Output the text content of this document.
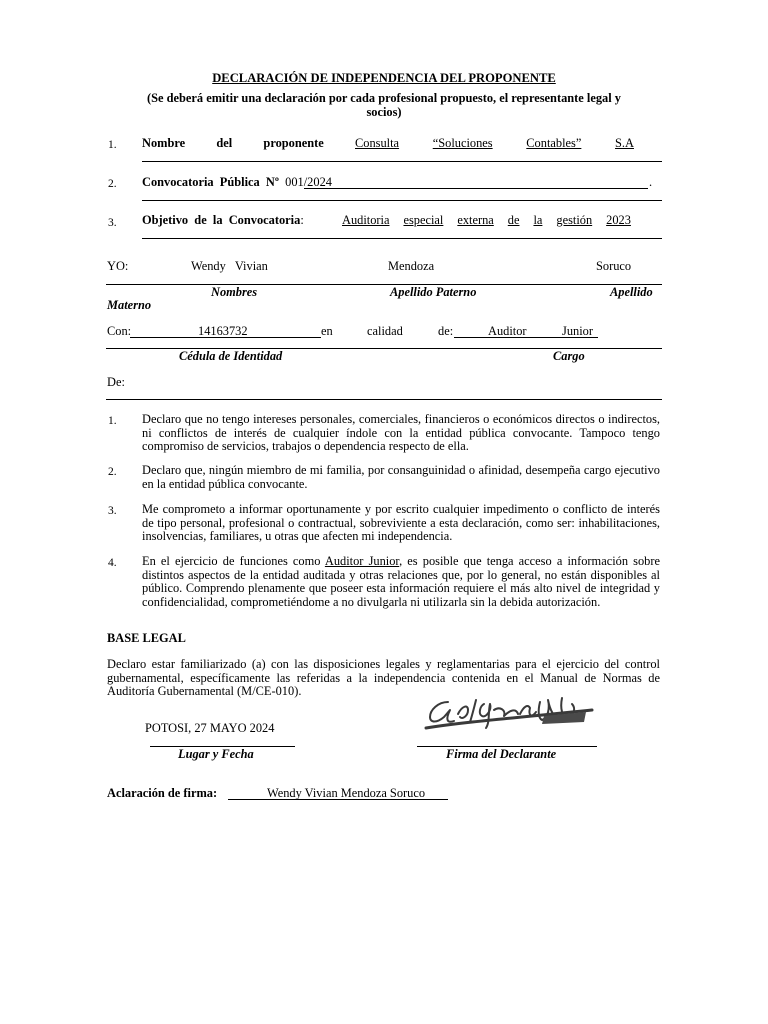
DECLARACIÓN DE INDEPENDENCIA DEL PROPONENTE
(Se deberá emitir una declaración por cada profesional propuesto, el representante legal y
socios)
1. Nombre	del	proponente	Consulta	“Soluciones	Contables”	S.A
2. Convocatoria  Pública  Nº 001/2024	.
3. Objetivo  de  la  Convocatoria:	Auditoria especial externa de la gestión 2023
YO:	Wendy   Vivian	Mendoza	Soruco
Nombres	Apellido Paterno	Apellido
Materno
Con:	14163732	en	calidad	de:	Auditor	Junior
Cédula de Identidad	Cargo
De:
1. Declaro que no tengo intereses personales, comerciales, financieros o económicos directos o indirectos, ni conflictos de interés de cualquier índole con la entidad pública convocante. Tampoco tengo compromiso de servicios, trabajos o dependencia respecto de ella.
2. Declaro que, ningún miembro de mi familia, por consanguinidad o afinidad, desempeña cargo ejecutivo en la entidad pública convocante.
3. Me comprometo a informar oportunamente y por escrito cualquier impedimento o conflicto de interés de tipo personal, profesional o contractual, sobreviviente a esta declaración, como ser: inhabilitaciones, insolvencias, familiares, u otras que afecten mi independencia.
4. En el ejercicio de funciones como Auditor Junior, es posible que tenga acceso a información sobre distintos aspectos de la entidad auditada y otras relaciones que, por lo general, no están disponibles al público. Comprendo plenamente que poseer esta información requiere el más alto nivel de integridad y confidencialidad, comprometiéndome a no divulgarla ni utilizarla sin la debida autorización.
BASE LEGAL
Declaro estar familiarizado (a) con las disposiciones legales y reglamentarias para el ejercicio del control gubernamental, específicamente las referidas a la independencia contenida en el Manual de Normas de Auditoría Gubernamental (M/CE-010).
POTOSI, 27 MAYO 2024
Lugar y Fecha	Firma del Declarante
Aclaración de firma:	Wendy Vivian Mendoza Soruco
